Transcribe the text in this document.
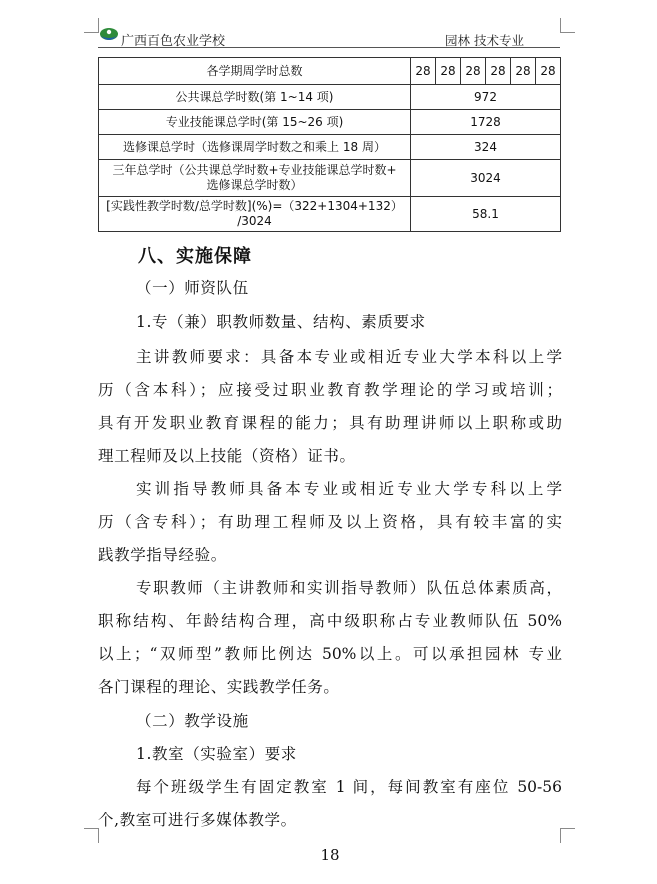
广西百色农业学校	园林 技术专业
各学期周学时总数	28	28	28	28	28	28
公共课总学时数(第 1~14 项)	972					
专业技能课总学时(第 15~26 项)	1728					
选修课总学时（选修课周学时数之和乘上 18 周）	324					

三年总学时（公共课总学时数+专业技能课总学时数+
选修课总学时数）	3024					

[实践性教学时数/总学时数](%)=（322+1304+132）
/3024	58.1					
八、实施保障
（一）师资队伍
1.专（兼）职教师数量、结构、素质要求
主讲教师要求：具备本专业或相近专业大学本科以上学
历（含本科）；应接受过职业教育教学理论的学习或培训；
具有开发职业教育课程的能力；具有助理讲师以上职称或助
理工程师及以上技能（资格）证书。
实训指导教师具备本专业或相近专业大学专科以上学
历（含专科）；有助理工程师及以上资格，具有较丰富的实
践教学指导经验。
专职教师（主讲教师和实训指导教师）队伍总体素质高，
职称结构、年龄结构合理，高中级职称占专业教师队伍 50%
以上；“双师型”教师比例达 50%以上。可以承担园林 专业
各门课程的理论、实践教学任务。
（二）教学设施
1.教室（实验室）要求
每个班级学生有固定教室 1 间，每间教室有座位 50-56
个,教室可进行多媒体教学。
18
